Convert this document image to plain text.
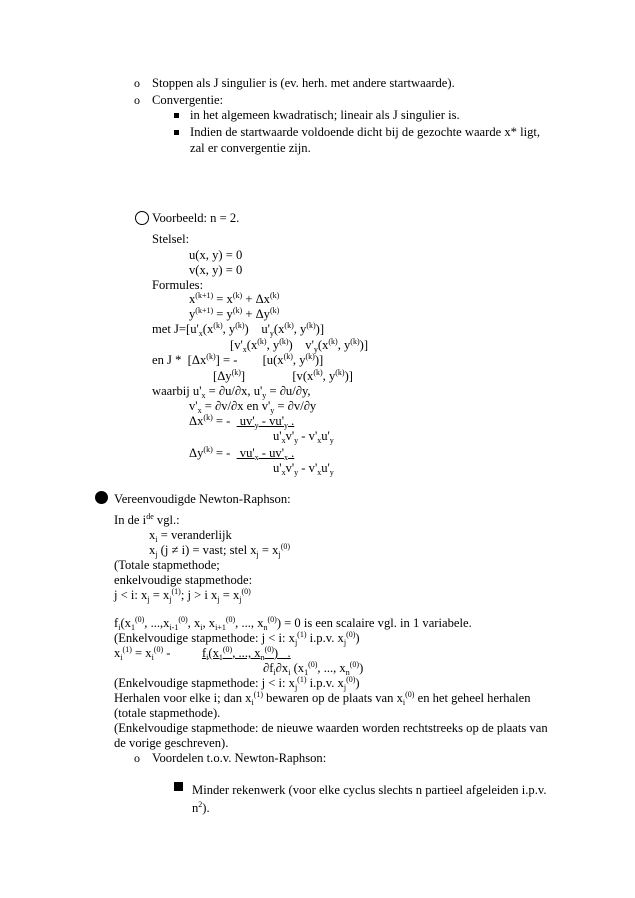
o Stoppen als J singulier is (ev. herh. met andere startwaarde).
o Convergentie:
in het algemeen kwadratisch; lineair als J singulier is.
Indien de startwaarde voldoende dicht bij de gezochte waarde x* ligt,
zal er convergentie zijn.
Voorbeeld: n = 2.
Stelsel:
u(x, y) = 0
v(x, y) = 0
Formules:
$x^{(k+1)} = x^{(k)} + \Delta x^{(k)}$
$y^{(k+1)} = y^{(k)} + \Delta y^{(k)}$
met $J=[u'_x(x^{(k)}$, $y^{(k)}$)    $u'_y(x^{(k)}$, $y^{(k)}$)]
[$v'_x(x^{(k)}$, $y^{(k)}$)    $v'_y(x^{(k)}$, $y^{(k)}$)]
en J *  $[\Delta x^{(k)}]$ = -        [$u(x^{(k)}$, $y^{(k)}$)]
$[\Delta y^{(k)}]$               [$v(x^{(k)}$, $y^{(k)}$)]
waarbij $u'_x = \partial u/\partial x$, $u'_y = \partial u/\partial y$,
$v'_x = \partial v/\partial x$ en $v'_y = \partial v/\partial y$
$\Delta x^{(k)}$ = -   $uv'_y - vu'_y$ .
$u'_xv'_y - v'_xu'_y$
$\Delta y^{(k)}$ = -   $vu'_x - uv'_x$ .
$u'_xv'_y - v'_xu'_y$
Vereenvoudigde Newton-Raphson:
In de $i^{de}$ vgl.:
$x_i$ = veranderlijk
$x_j$ (j ≠ i) = vast; stel $x_j = x_j^{(0)}$
(Totale stapmethode;
enkelvoudige stapmethode:
j < i: $x_j = x_j^{(1)}$; j > i $x_j = x_j^{(0)}$
$f_i(x_1^{(0)}$, $...,x_{i-1}^{(0)}$, $x_i$, $x_{i+1}^{(0)}$, ..., $x_n^{(0)}) = 0$ is een scalaire vgl. in 1 variabele.
(Enkelvoudige stapmethode: j < i: $x_j^{(1)}$ i.p.v. $x_j^{(0)}$)
$x_i^{(1)} = x_i^{(0)}$ -          $f_i(x_1^{(0)}$, ..., $x_n^{(0)}$)   .
$\partial f_i\partial x_i$ ($x_1^{(0)}$, ..., $x_n^{(0)}$)
(Enkelvoudige stapmethode: j < i: $x_j^{(1)}$ i.p.v. $x_j^{(0)}$)
Herhalen voor elke i; dan $x_i^{(1)}$ bewaren op de plaats van $x_i^{(0)}$ en het geheel herhalen
(totale stapmethode).
(Enkelvoudige stapmethode: de nieuwe waarden worden rechtstreeks op de plaats van
de vorige geschreven).
o Voordelen t.o.v. Newton-Raphson:
Minder rekenwerk (voor elke cyclus slechts n partieel afgeleiden i.p.v.
$n^2$).
